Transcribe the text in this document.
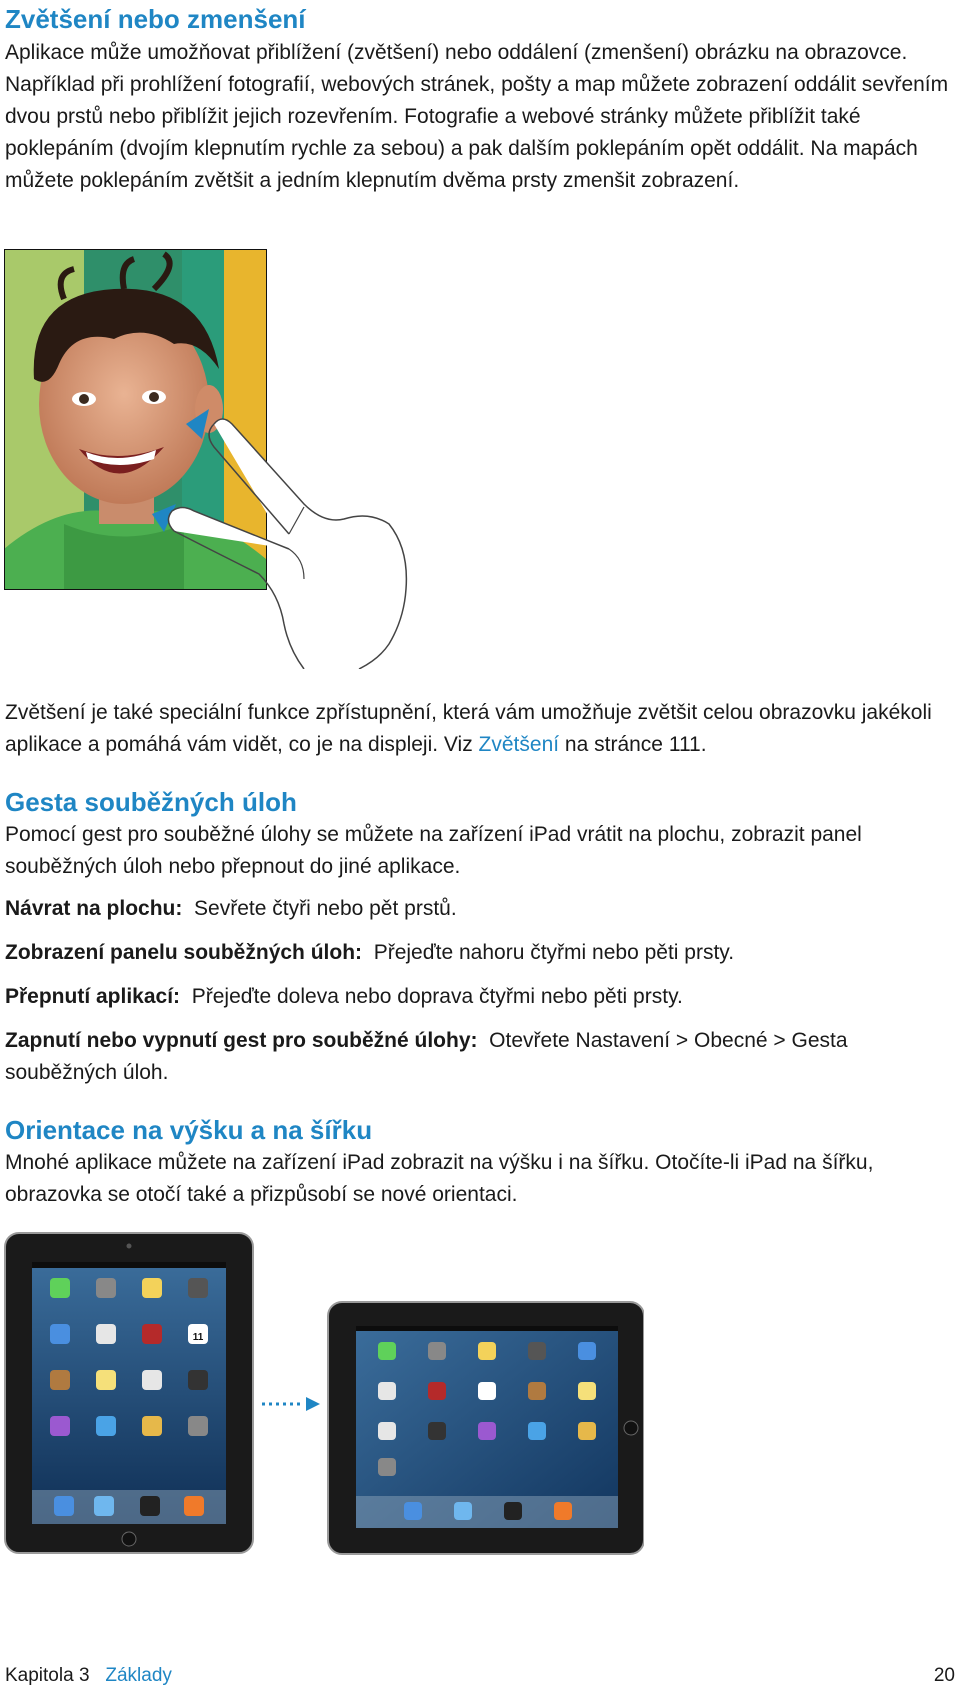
Zvětšení nebo zmenšení

Aplikace může umožňovat přiblížení (zvětšení) nebo oddálení (zmenšení) obrázku na obrazovce. Například při prohlížení fotografií, webových stránek, pošty a map můžete zobrazení oddálit sevřením dvou prstů nebo přiblížit jejich rozevřením. Fotografie a webové stránky můžete přiblížit také poklepáním (dvojím klepnutím rychle za sebou) a pak dalším poklepáním opět oddálit. Na mapách můžete poklepáním zvětšit a jedním klepnutím dvěma prsty zmenšit zobrazení.

Zvětšení je také speciální funkce zpřístupnění, která vám umožňuje zvětšit celou obrazovku jakékoli aplikace a pomáhá vám vidět, co je na displeji. Viz Zvětšení na stránce 111.

Gesta souběžných úloh

Pomocí gest pro souběžné úlohy se můžete na zařízení iPad vrátit na plochu, zobrazit panel souběžných úloh nebo přepnout do jiné aplikace.

Návrat na plochu: Sevřete čtyři nebo pět prstů.

Zobrazení panelu souběžných úloh: Přejeďte nahoru čtyřmi nebo pěti prsty.

Přepnutí aplikací: Přejeďte doleva nebo doprava čtyřmi nebo pěti prsty.

Zapnutí nebo vypnutí gest pro souběžné úlohy: Otevřete Nastavení > Obecné > Gesta souběžných úloh.

Orientace na výšku a na šířku

Mnohé aplikace můžete na zařízení iPad zobrazit na výšku i na šířku. Otočíte-li iPad na šířku, obrazovka se otočí také a přizpůsobí se nové orientaci.

11
Kapitola 3 Základy	20
